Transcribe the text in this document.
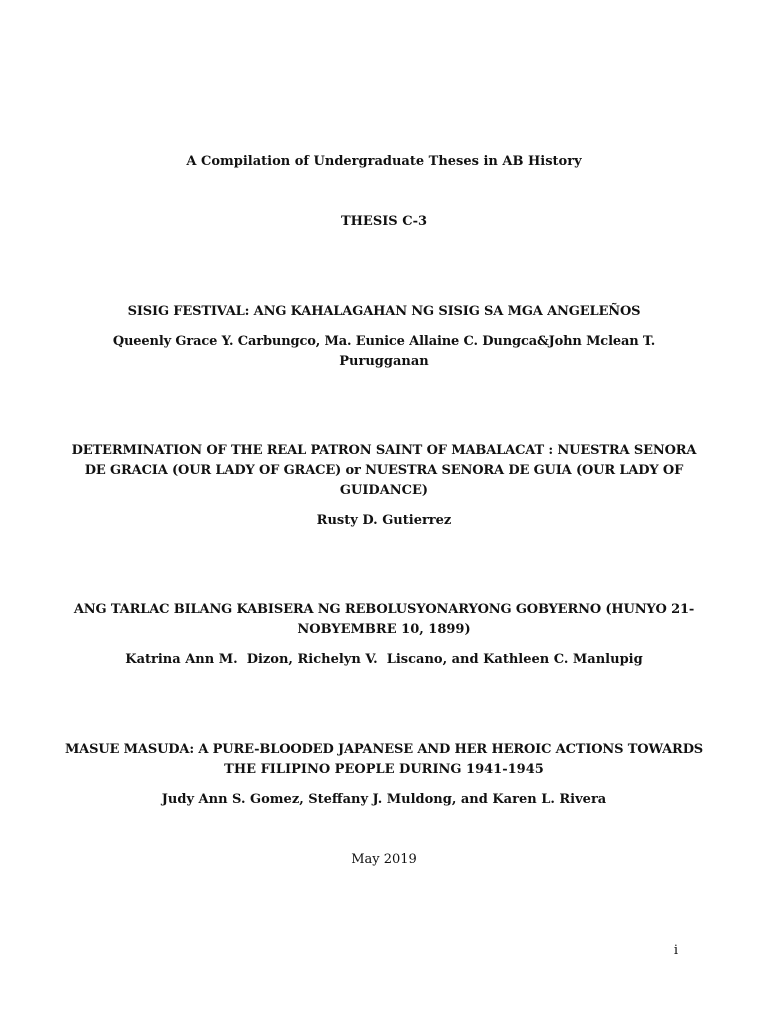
A Compilation of Undergraduate Theses in AB History
THESIS C-3
SISIG FESTIVAL: ANG KAHALAGAHAN NG SISIG SA MGA ANGELEÑOS
Queenly Grace Y. Carbungco, Ma. Eunice Allaine C. Dungca&John Mclean T.
Purugganan
DETERMINATION OF THE REAL PATRON SAINT OF MABALACAT : NUESTRA SENORA
DE GRACIA (OUR LADY OF GRACE) or NUESTRA SENORA DE GUIA (OUR LADY OF
GUIDANCE)
Rusty D. Gutierrez
ANG TARLAC BILANG KABISERA NG REBOLUSYONARYONG GOBYERNO (HUNYO 21-
NOBYEMBRE 10, 1899)
Katrina Ann M.  Dizon, Richelyn V.  Liscano, and Kathleen C. Manlupig
MASUE MASUDA: A PURE-BLOODED JAPANESE AND HER HEROIC ACTIONS TOWARDS
THE FILIPINO PEOPLE DURING 1941-1945
Judy Ann S. Gomez, Steffany J. Muldong, and Karen L. Rivera
May 2019
i
